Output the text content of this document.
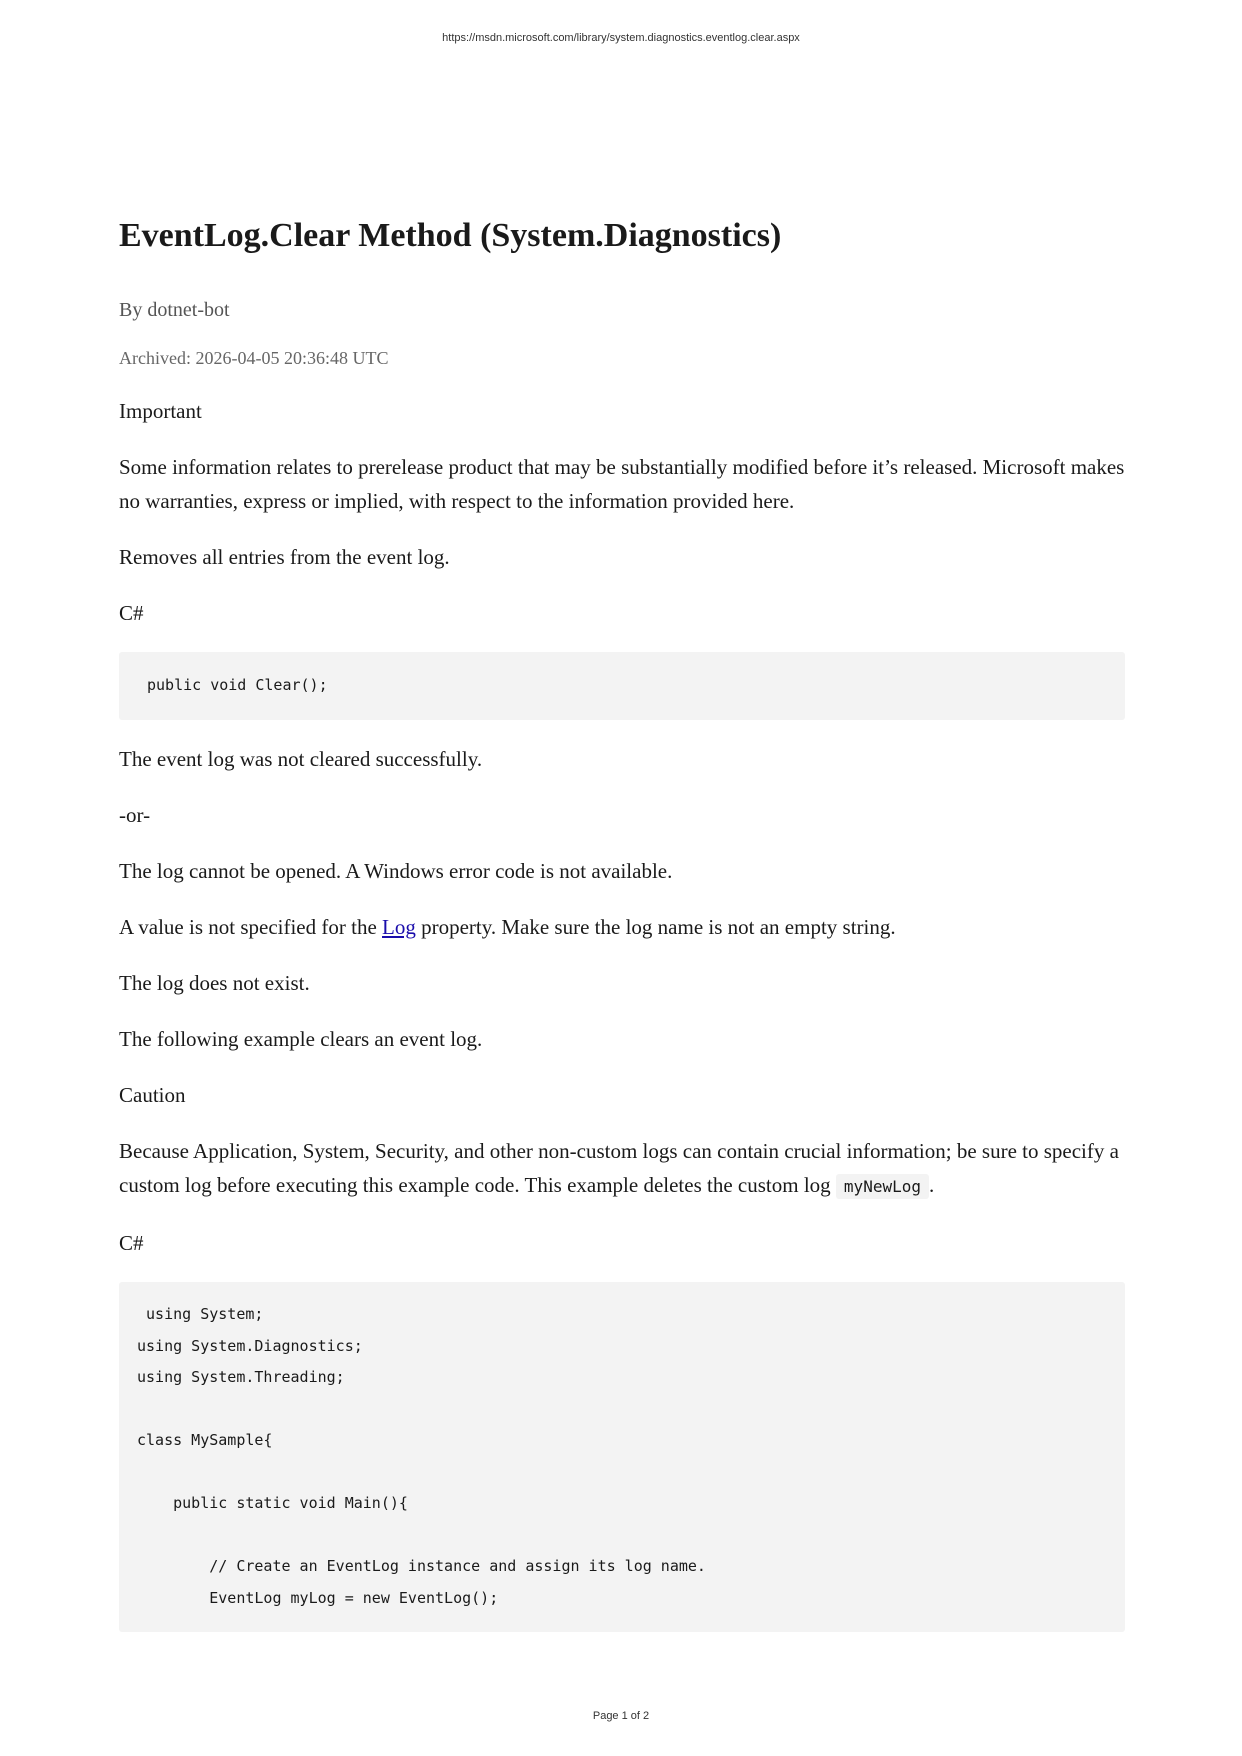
https://msdn.microsoft.com/library/system.diagnostics.eventlog.clear.aspx
EventLog.Clear Method (System.Diagnostics)
By dotnet-bot
Archived: 2026-04-05 20:36:48 UTC

Important

Some information relates to prerelease product that may be substantially modified before it’s released. Microsoft makes no warranties, express or implied, with respect to the information provided here.

Removes all entries from the event log.

C#

public void Clear();

The event log was not cleared successfully.

-or-

The log cannot be opened. A Windows error code is not available.

A value is not specified for the Log property. Make sure the log name is not an empty string.

The log does not exist.

The following example clears an event log.

Caution

Because Application, System, Security, and other non-custom logs can contain crucial information; be sure to specify a custom log before executing this example code. This example deletes the custom log myNewLog .

C#

using System;
using System.Diagnostics;
using System.Threading;

class MySample{

public static void Main(){

// Create an EventLog instance and assign its log name.
EventLog myLog = new EventLog();
Page 1 of 2
